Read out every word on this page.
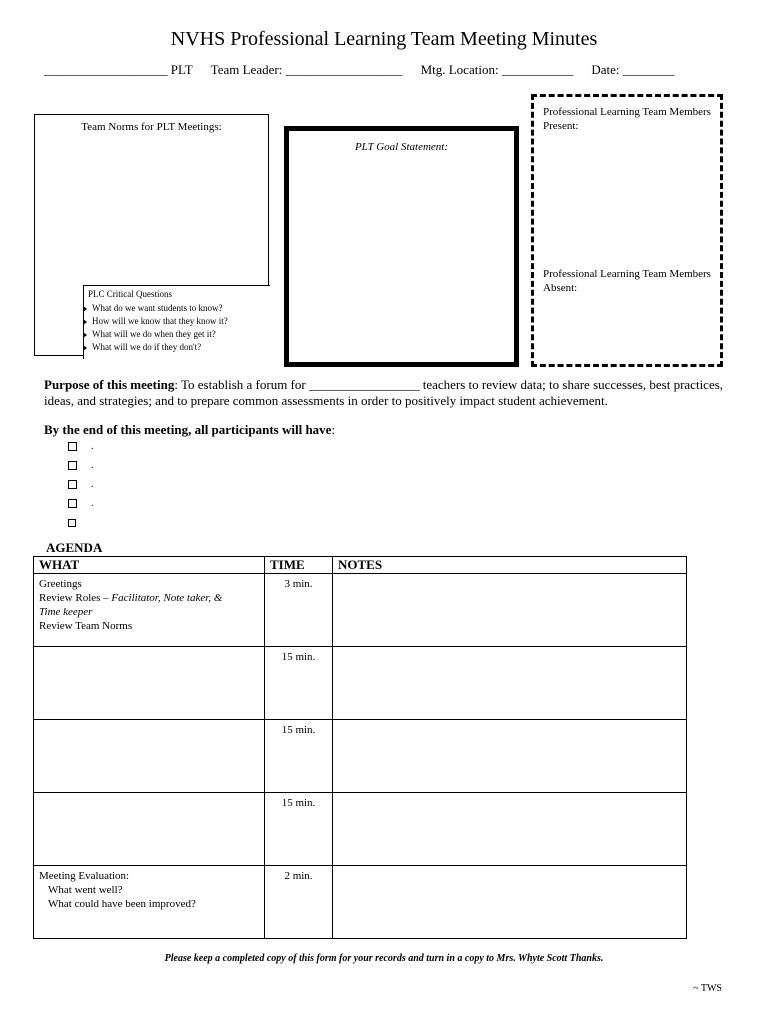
NVHS Professional Learning Team Meeting Minutes
___________________ PLT Team Leader: __________________ Mtg. Location: ___________ Date: ________
Team Norms for PLT Meetings:
PLC Critical Questions
What do we want students to know?
How will we know that they know it?
What will we do when they get it?
What will we do if they don't?
PLT Goal Statement:
Professional Learning Team Members Present:
Professional Learning Team Members Absent:
Purpose of this meeting: To establish a forum for _________________ teachers to review data; to share successes, best practices, ideas, and strategies; and to prepare common assessments in order to positively impact student achievement.
By the end of this meeting, all participants will have:
.
.
.
.
AGENDA
WHAT	TIME	NOTES

Greetings
Review Roles – Facilitator, Note taker, &
Time keeper
Review Team Norms	3 min.	
	15 min.	
	15 min.	
	15 min.	

Meeting Evaluation:
What went well?
What could have been improved?	2 min.	
Please keep a completed copy of this form for your records and turn in a copy to Mrs. Whyte Scott Thanks.
~ TWS
